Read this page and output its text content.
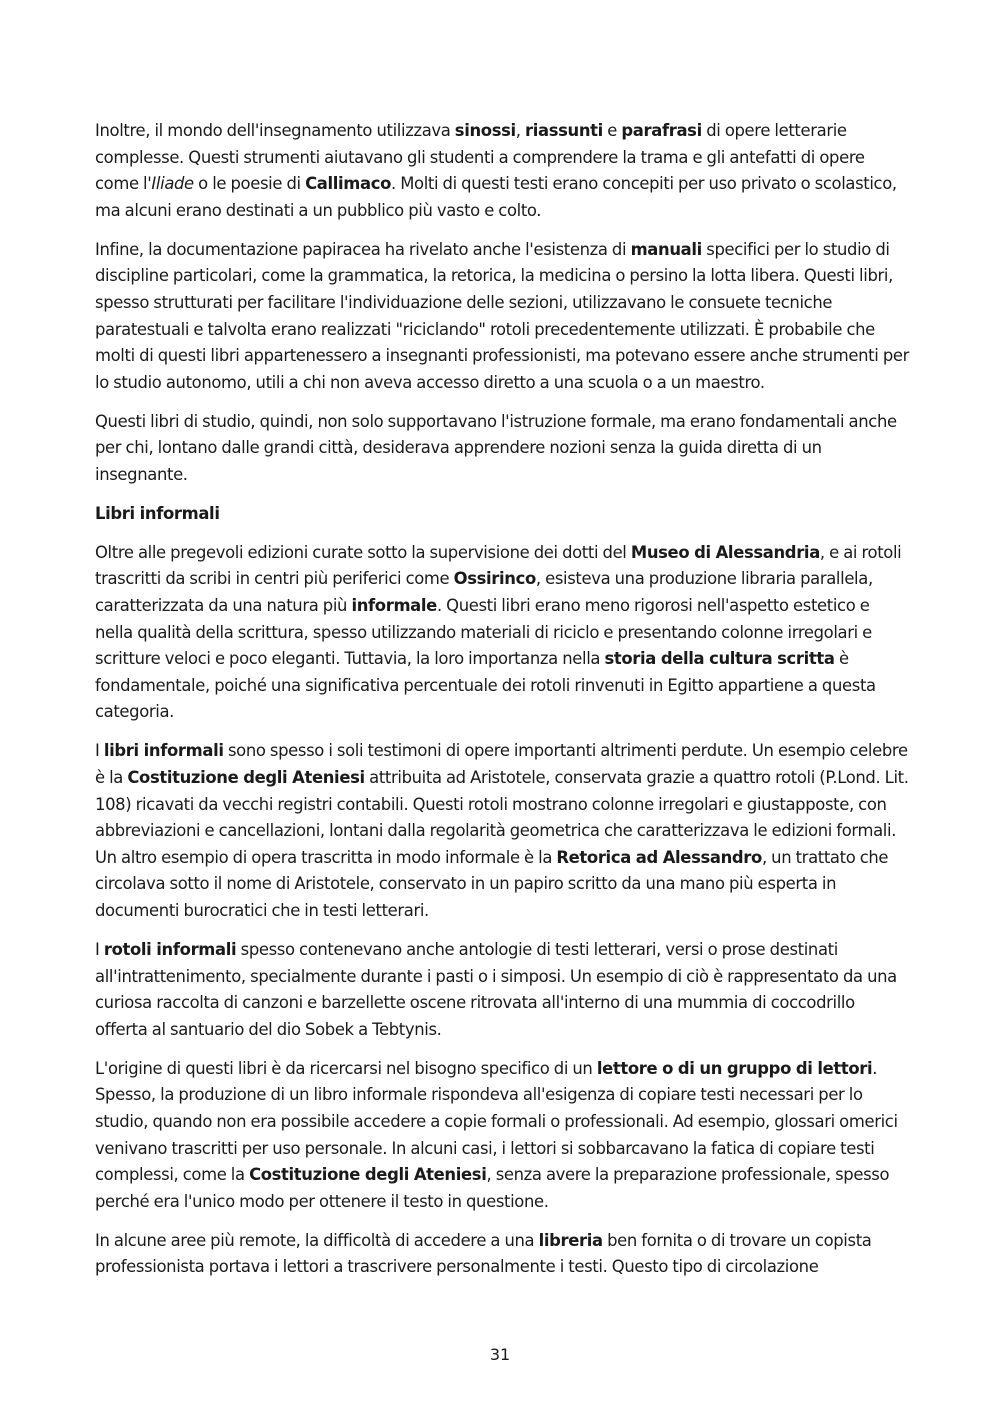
Inoltre, il mondo dell'insegnamento utilizzava sinossi, riassunti e parafrasi di opere letterarie complesse. Questi strumenti aiutavano gli studenti a comprendere la trama e gli antefatti di opere come l'Iliade o le poesie di Callimaco. Molti di questi testi erano concepiti per uso privato o scolastico, ma alcuni erano destinati a un pubblico più vasto e colto.

Infine, la documentazione papiracea ha rivelato anche l'esistenza di manuali specifici per lo studio di discipline particolari, come la grammatica, la retorica, la medicina o persino la lotta libera. Questi libri, spesso strutturati per facilitare l'individuazione delle sezioni, utilizzavano le consuete tecniche paratestuali e talvolta erano realizzati "riciclando" rotoli precedentemente utilizzati. È probabile che molti di questi libri appartenessero a insegnanti professionisti, ma potevano essere anche strumenti per lo studio autonomo, utili a chi non aveva accesso diretto a una scuola o a un maestro.

Questi libri di studio, quindi, non solo supportavano l'istruzione formale, ma erano fondamentali anche per chi, lontano dalle grandi città, desiderava apprendere nozioni senza la guida diretta di un insegnante.

Libri informali

Oltre alle pregevoli edizioni curate sotto la supervisione dei dotti del Museo di Alessandria, e ai rotoli trascritti da scribi in centri più periferici come Ossirinco, esisteva una produzione libraria parallela, caratterizzata da una natura più informale. Questi libri erano meno rigorosi nell'aspetto estetico e nella qualità della scrittura, spesso utilizzando materiali di riciclo e presentando colonne irregolari e scritture veloci e poco eleganti. Tuttavia, la loro importanza nella storia della cultura scritta è fondamentale, poiché una significativa percentuale dei rotoli rinvenuti in Egitto appartiene a questa categoria.

I libri informali sono spesso i soli testimoni di opere importanti altrimenti perdute. Un esempio celebre è la Costituzione degli Ateniesi attribuita ad Aristotele, conservata grazie a quattro rotoli (P.Lond. Lit. 108) ricavati da vecchi registri contabili. Questi rotoli mostrano colonne irregolari e giustapposte, con abbreviazioni e cancellazioni, lontani dalla regolarità geometrica che caratterizzava le edizioni formali. Un altro esempio di opera trascritta in modo informale è la Retorica ad Alessandro, un trattato che circolava sotto il nome di Aristotele, conservato in un papiro scritto da una mano più esperta in documenti burocratici che in testi letterari.

I rotoli informali spesso contenevano anche antologie di testi letterari, versi o prose destinati all'intrattenimento, specialmente durante i pasti o i simposi. Un esempio di ciò è rappresentato da una curiosa raccolta di canzoni e barzellette oscene ritrovata all'interno di una mummia di coccodrillo offerta al santuario del dio Sobek a Tebtynis.

L'origine di questi libri è da ricercarsi nel bisogno specifico di un lettore o di un gruppo di lettori. Spesso, la produzione di un libro informale rispondeva all'esigenza di copiare testi necessari per lo studio, quando non era possibile accedere a copie formali o professionali. Ad esempio, glossari omerici venivano trascritti per uso personale. In alcuni casi, i lettori si sobbarcavano la fatica di copiare testi complessi, come la Costituzione degli Ateniesi, senza avere la preparazione professionale, spesso perché era l'unico modo per ottenere il testo in questione.

In alcune aree più remote, la difficoltà di accedere a una libreria ben fornita o di trovare un copista professionista portava i lettori a trascrivere personalmente i testi. Questo tipo di circolazione

31
